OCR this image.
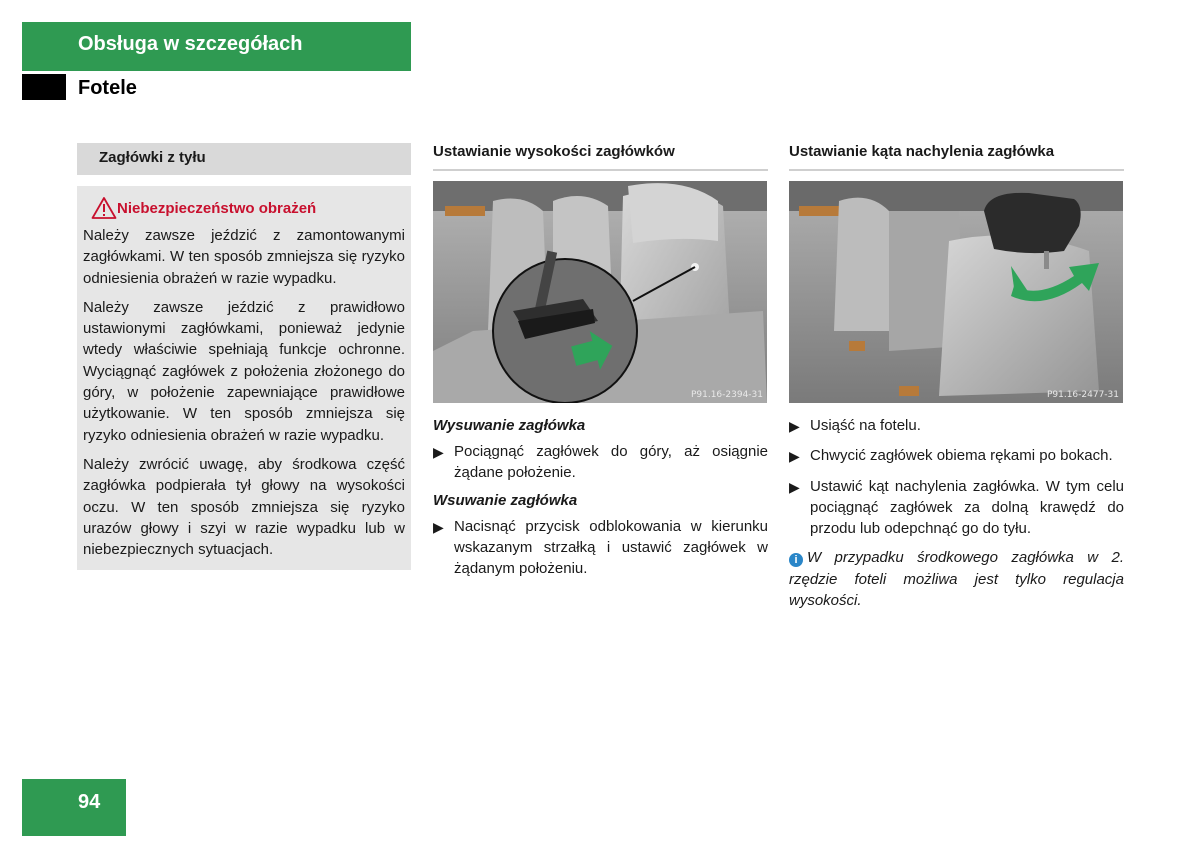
Obsługa w szczegółach
Fotele
Zagłówki z tyłu
Niebezpieczeństwo obrażeń

Należy zawsze jeździć z zamontowanymi zagłówkami. W ten sposób zmniejsza się ryzyko odniesienia obrażeń w razie wypadku.

Należy zawsze jeździć z prawidłowo ustawionymi zagłówkami, ponieważ jedynie wtedy właściwie spełniają funkcje ochronne. Wyciągnąć zagłówek z położenia złożonego do góry, w położenie zapewniające prawidłowe użytkowanie. W ten sposób zmniejsza się ryzyko odniesienia obrażeń w razie wypadku.

Należy zwrócić uwagę, aby środkowa część zagłówka podpierała tył głowy na wysokości oczu. W ten sposób zmniejsza się ryzyko urazów głowy i szyi w razie wypadku lub w niebezpiecznych sytuacjach.

Ustawianie wysokości zagłówków
P91.16-2394-31
Wysuwanie zagłówka
▶ Pociągnąć zagłówek do góry, aż osiągnie żądane położenie.
Wsuwanie zagłówka
▶ Nacisnąć przycisk odblokowania w kierunku wskazanym strzałką i ustawić zagłówek w żądanym położeniu.
Ustawianie kąta nachylenia zagłówka
P91.16-2477-31
▶ Usiąść na fotelu.
▶ Chwycić zagłówek obiema rękami po bokach.
▶ Ustawić kąt nachylenia zagłówka. W tym celu pociągnąć zagłówek za dolną krawędź do przodu lub odepchnąć go do tyłu.
i W przypadku środkowego zagłówka w 2. rzędzie foteli możliwa jest tylko regulacja wysokości.
94
